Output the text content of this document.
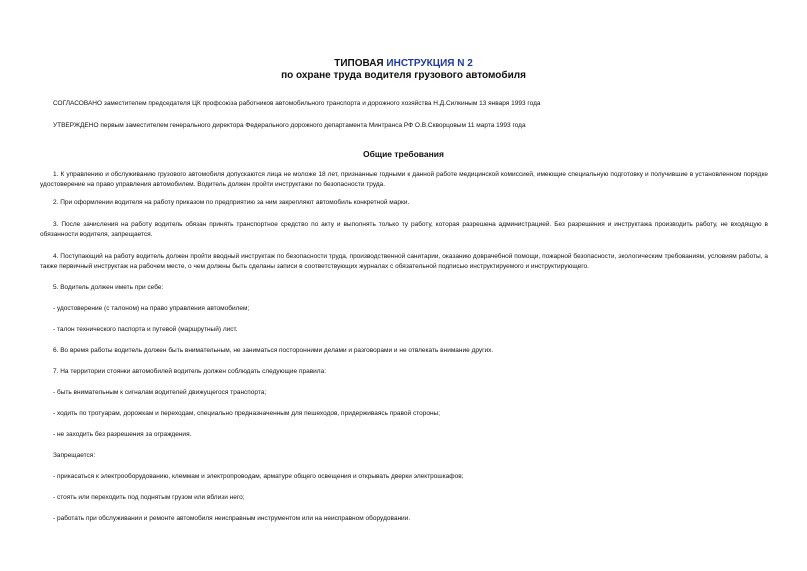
ТИПОВАЯ ИНСТРУКЦИЯ N 2
по охране труда водителя грузового автомобиля

СОГЛАСОВАНО заместителем председателя ЦК профсоюза работников автомобильного транспорта и дорожного хозяйства Н.Д.Силкиным 13 января 1993 года

УТВЕРЖДЕНО первым заместителем генерального директора Федерального дорожного департамента Минтранса РФ О.В.Скворцовым 11 марта 1993 года

Общие требования

1. К управлению и обслуживанию грузового автомобиля допускаются лица не моложе 18 лет, признанные годными к данной работе медицинской комиссией, имеющие специальную подготовку и получившие в установленном порядке удостоверение на право управления автомобилем. Водитель должен пройти инструктажи по безопасности труда.

2. При оформлении водителя на работу приказом по предприятию за ним закрепляют автомобиль конкретной марки.

3. После зачисления на работу водитель обязан принять транспортное средство по акту и выполнять только ту работу, которая разрешена администрацией. Без разрешения и инструктажа производить работу, не входящую в обязанности водителя, запрещается.

4. Поступающий на работу водитель должен пройти вводный инструктаж по безопасности труда, производственной санитарии, оказанию доврачебной помощи, пожарной безопасности, экологическим требованиям, условиям работы, а также первичный инструктаж на рабочем месте, о чем должны быть сделаны записи в соответствующих журналах с обязательной подписью инструктируемого и инструктирующего.

5. Водитель должен иметь при себе:

- удостоверение (с талоном) на право управления автомобилем;

- талон технического паспорта и путевой (маршрутный) лист.

6. Во время работы водитель должен быть внимательным, не заниматься посторонними делами и разговорами и не отвлекать внимание других.

7. На территории стоянки автомобилей водитель должен соблюдать следующие правила:

- быть внимательным к сигналам водителей движущегося транспорта;

- ходить по тротуарам, дорожкам и переходам, специально предназначенным для пешеходов, придерживаясь правой стороны;

- не заходить без разрешения за ограждения.

Запрещается:

- прикасаться к электрооборудованию, клеммам и электропроводам, арматуре общего освещения и открывать дверки электрошкафов;

- стоять или переходить под поднятым грузом или вблизи него;

- работать при обслуживании и ремонте автомобиля неисправным инструментом или на неисправном оборудовании.
